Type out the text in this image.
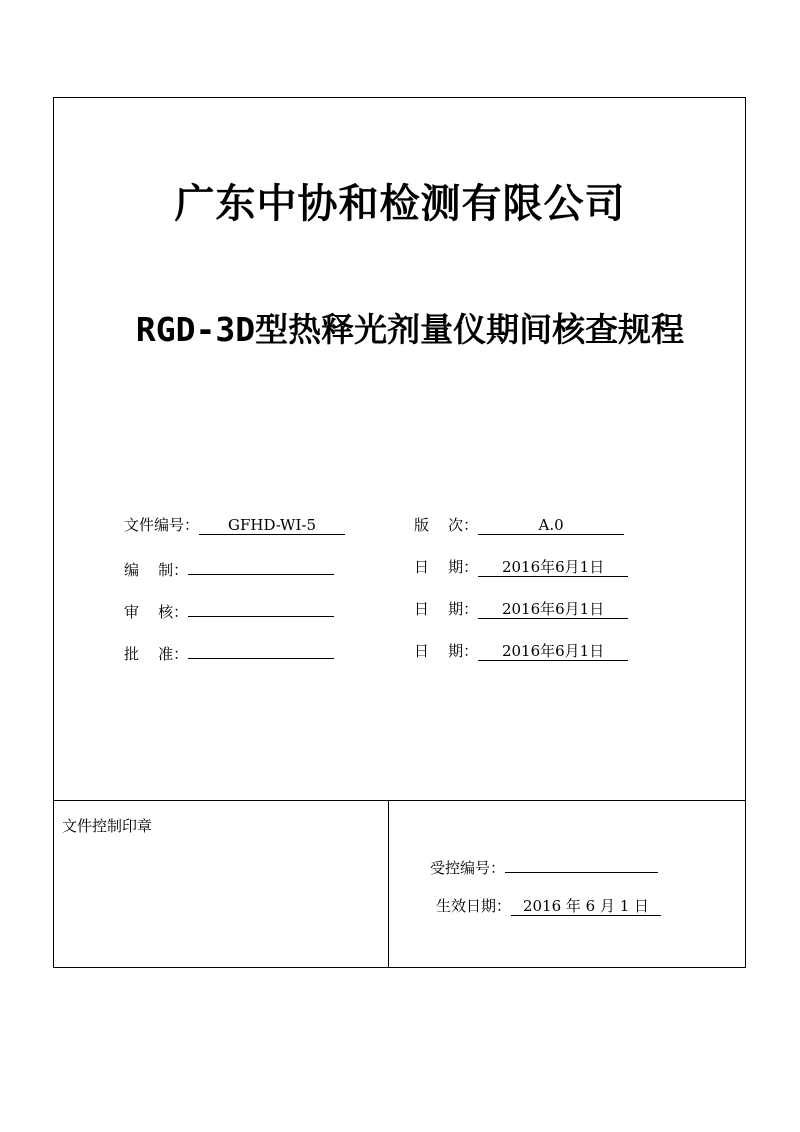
广东中协和检测有限公司
RGD-3D型热释光剂量仪期间核查规程
文件编号： GFHD-WI-5	版    次：	A.0
编    制：	日    期： 2016年6月1日
审    核：	日    期： 2016年6月1日
批    准：	日    期： 2016年6月1日
文件控制印章
受控编号：
生效日期： 2016 年 6 月 1 日
